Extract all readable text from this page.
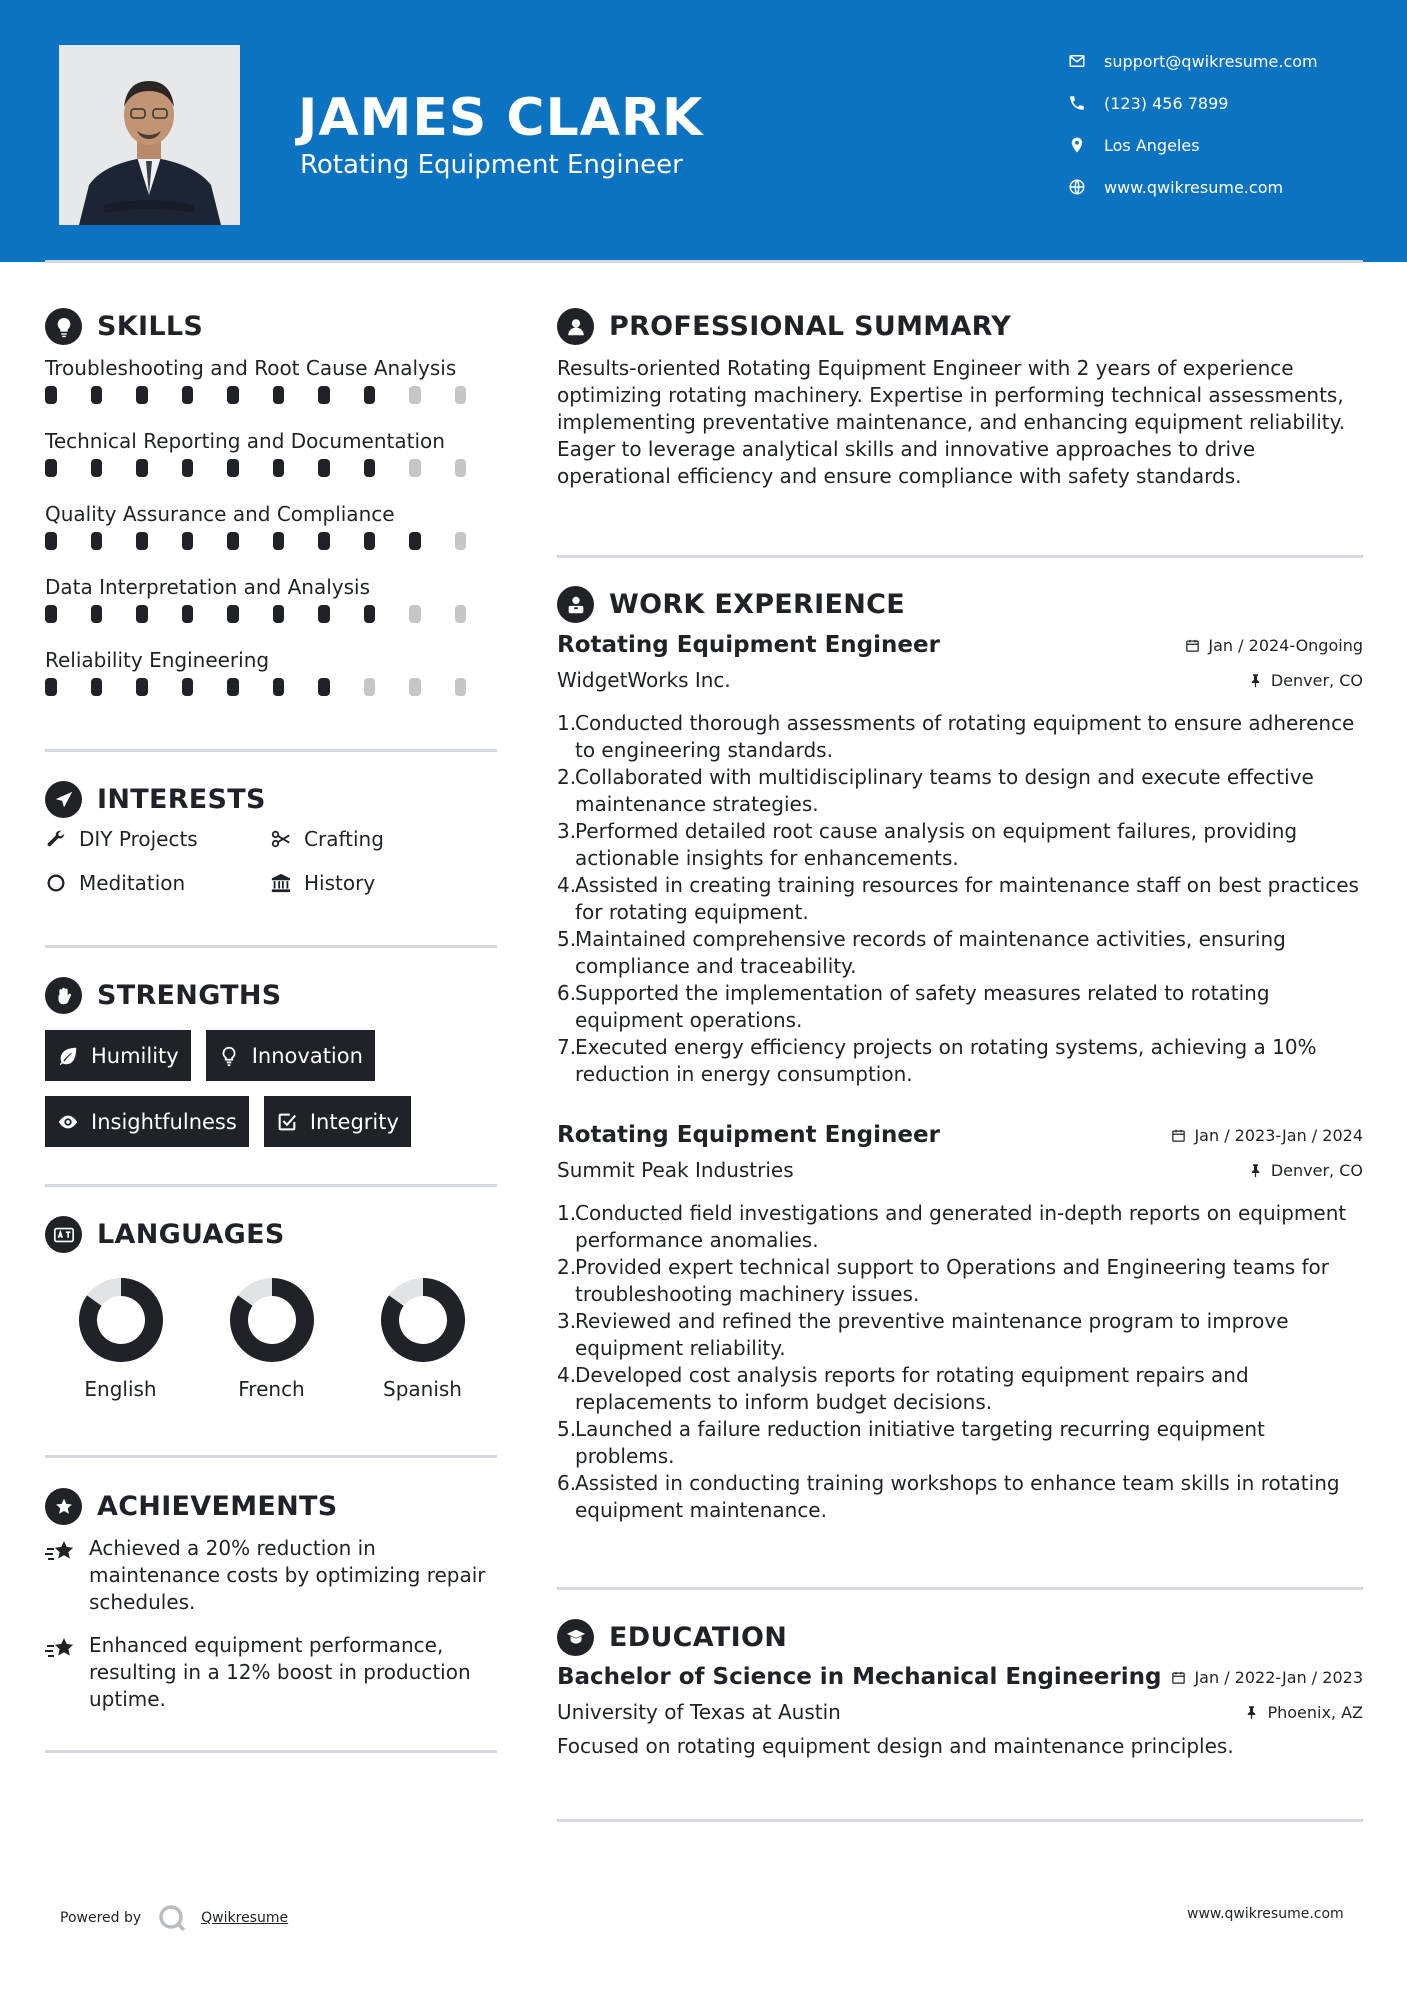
JAMES CLARK
Rotating Equipment Engineer
support@qwikresume.com
(123) 456 7899
Los Angeles
www.qwikresume.com
SKILLS
Troubleshooting and Root Cause Analysis
Technical Reporting and Documentation
Quality Assurance and Compliance
Data Interpretation and Analysis
Reliability Engineering
INTERESTS
DIY Projects	Crafting
Meditation	History
STRENGTHS
Humility	Innovation
Insightfulness	Integrity
LANGUAGES
English	French	Spanish
ACHIEVEMENTS
Achieved a 20% reduction in maintenance costs by optimizing repair schedules.
Enhanced equipment performance, resulting in a 12% boost in production uptime.
PROFESSIONAL SUMMARY
Results-oriented Rotating Equipment Engineer with 2 years of experience optimizing rotating machinery. Expertise in performing technical assessments, implementing preventative maintenance, and enhancing equipment reliability. Eager to leverage analytical skills and innovative approaches to drive operational efficiency and ensure compliance with safety standards.
WORK EXPERIENCE
Rotating Equipment Engineer	Jan / 2024-Ongoing
WidgetWorks Inc.	Denver, CO
1.
Conducted thorough assessments of rotating equipment to ensure adherence to engineering standards.
2.
Collaborated with multidisciplinary teams to design and execute effective maintenance strategies.
3.
Performed detailed root cause analysis on equipment failures, providing actionable insights for enhancements.
4.
Assisted in creating training resources for maintenance staff on best practices for rotating equipment.
5.
Maintained comprehensive records of maintenance activities, ensuring compliance and traceability.
6.
Supported the implementation of safety measures related to rotating equipment operations.
7.
Executed energy efficiency projects on rotating systems, achieving a 10% reduction in energy consumption.
Rotating Equipment Engineer	Jan / 2023-Jan / 2024
Summit Peak Industries	Denver, CO
1.
Conducted field investigations and generated in-depth reports on equipment performance anomalies.
2.
Provided expert technical support to Operations and Engineering teams for troubleshooting machinery issues.
3.
Reviewed and refined the preventive maintenance program to improve equipment reliability.
4.
Developed cost analysis reports for rotating equipment repairs and replacements to inform budget decisions.
5.
Launched a failure reduction initiative targeting recurring equipment problems.
6.
Assisted in conducting training workshops to enhance team skills in rotating equipment maintenance.
EDUCATION
Bachelor of Science in Mechanical Engineering Jan / 2022-Jan / 2023
University of Texas at Austin	Phoenix, AZ
Focused on rotating equipment design and maintenance principles.
Powered by	Qwikresume	www.qwikresume.com
